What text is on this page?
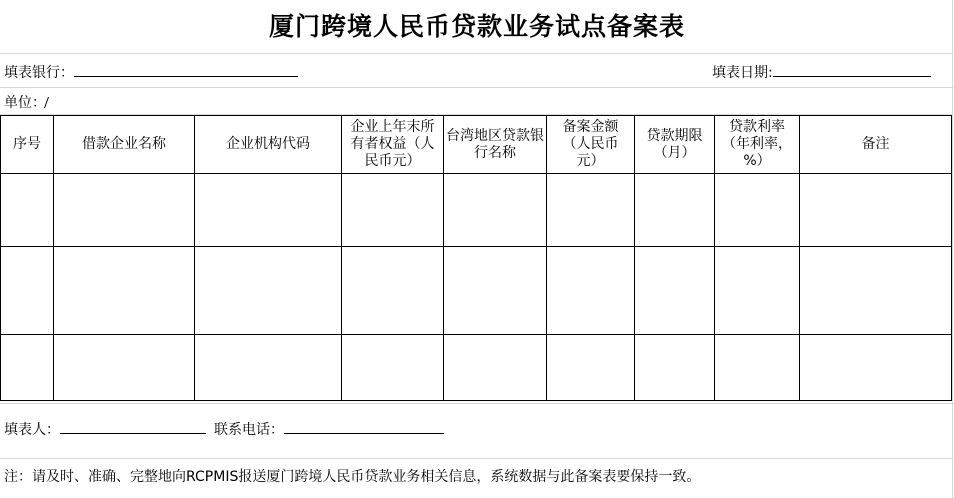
厦门跨境人民币贷款业务试点备案表
填表银行：	填表日期:
单位：
序号	借款企业名称	企业机构代码	企业上年末所有者权益（人民币元）	台湾地区贷款银行名称	备案金额（人民币元）	贷款期限（月）	贷款利率（年利率，%）	备注

填表人：	联系电话：
注：请及时、准确、完整地向RCPMIS报送厦门跨境人民币贷款业务相关信息，系统数据与此备案表要保持一致。
